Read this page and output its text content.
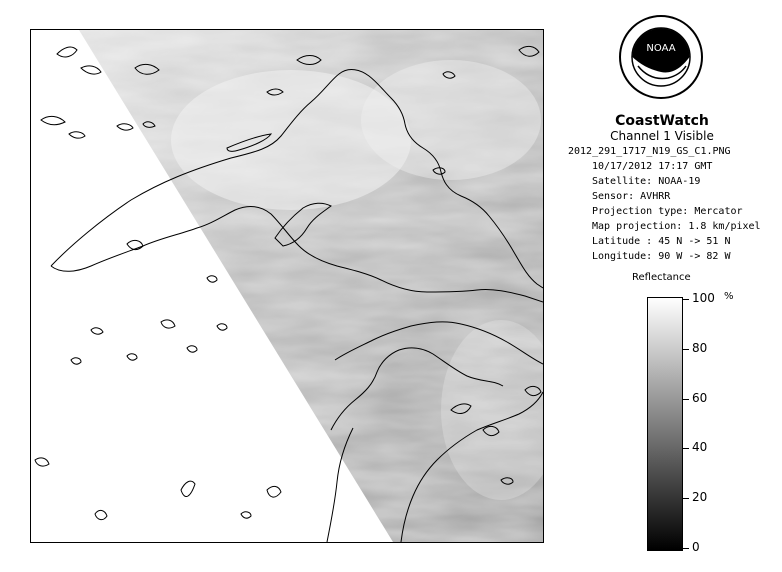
NOAA
CoastWatch
Channel 1 Visible
2012_291_1717_N19_GS_C1.PNG
10/17/2012 17:17 GMT
Satellite: NOAA-19
Sensor: AVHRR
Projection type: Mercator
Map projection: 1.8 km/pixel
Latitude : 45 N -> 51 N
Longitude: 90 W -> 82 W
Reflectance
%
100
80
60
40
20
0
